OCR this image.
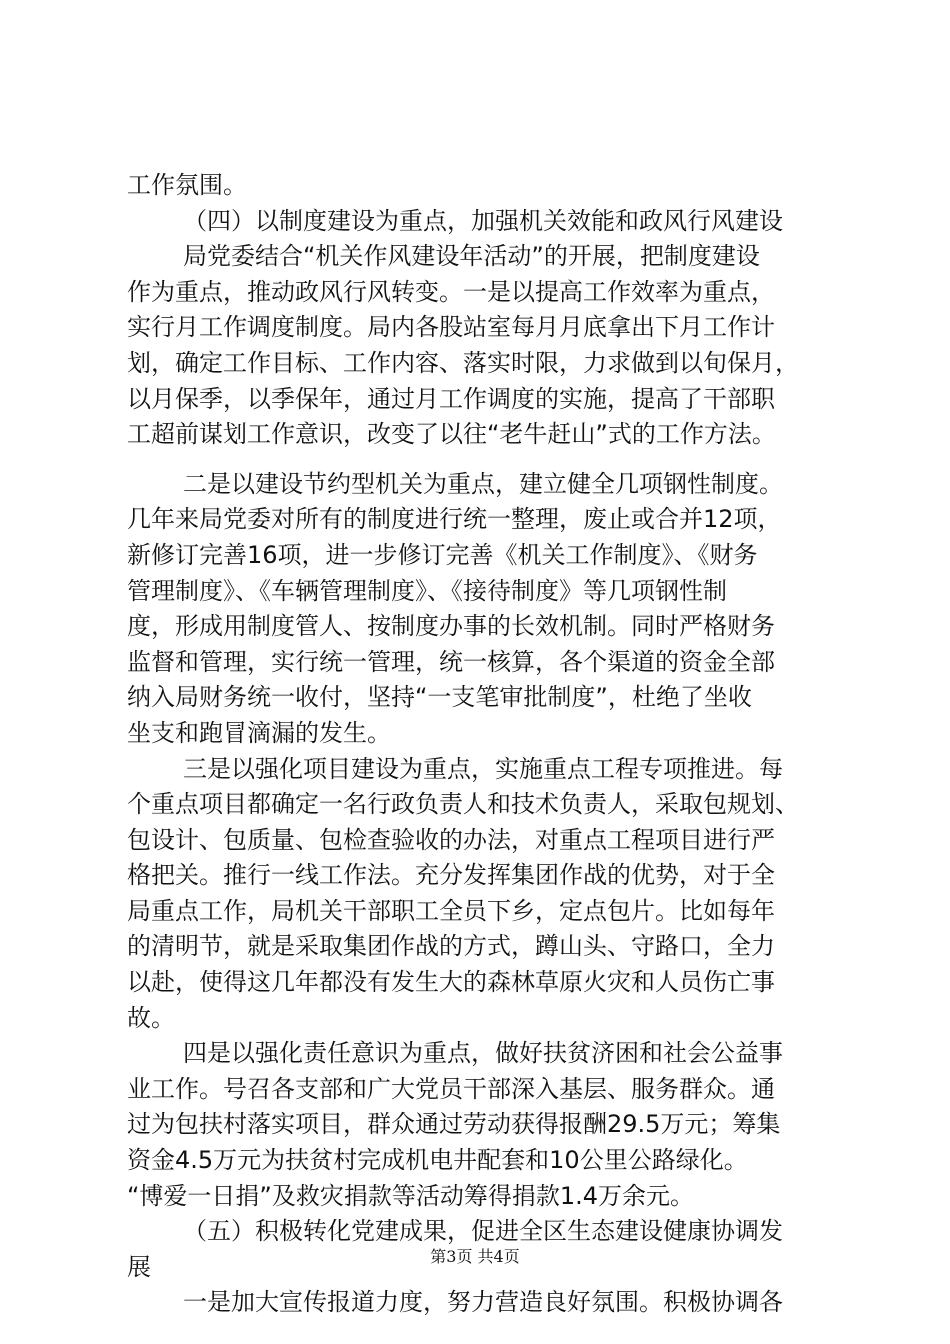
工作氛围。
（四）以制度建设为重点，加强机关效能和政风行风建设
局党委结合“机关作风建设年活动”的开展，把制度建设
作为重点，推动政风行风转变。一是以提高工作效率为重点，
实行月工作调度制度。局内各股站室每月月底拿出下月工作计
划，确定工作目标、工作内容、落实时限，力求做到以旬保月，
以月保季，以季保年，通过月工作调度的实施，提高了干部职
工超前谋划工作意识，改变了以往“老牛赶山”式的工作方法。
二是以建设节约型机关为重点，建立健全几项钢性制度。
几年来局党委对所有的制度进行统一整理，废止或合并12项，
新修订完善16项，进一步修订完善《机关工作制度》、《财务
管理制度》、《车辆管理制度》、《接待制度》等几项钢性制
度，形成用制度管人、按制度办事的长效机制。同时严格财务
监督和管理，实行统一管理，统一核算，各个渠道的资金全部
纳入局财务统一收付，坚持“一支笔审批制度”，杜绝了坐收
坐支和跑冒滴漏的发生。
三是以强化项目建设为重点，实施重点工程专项推进。每
个重点项目都确定一名行政负责人和技术负责人，采取包规划、
包设计、包质量、包检查验收的办法，对重点工程项目进行严
格把关。推行一线工作法。充分发挥集团作战的优势，对于全
局重点工作，局机关干部职工全员下乡，定点包片。比如每年
的清明节，就是采取集团作战的方式，蹲山头、守路口，全力
以赴，使得这几年都没有发生大的森林草原火灾和人员伤亡事
故。
四是以强化责任意识为重点，做好扶贫济困和社会公益事
业工作。号召各支部和广大党员干部深入基层、服务群众。通
过为包扶村落实项目，群众通过劳动获得报酬29.5万元；筹集
资金4.5万元为扶贫村完成机电井配套和10公里公路绿化。
“博爱一日捐”及救灾捐款等活动筹得捐款1.4万余元。
（五）积极转化党建成果，促进全区生态建设健康协调发
展
一是加大宣传报道力度，努力营造良好氛围。积极协调各
第3页 共4页
